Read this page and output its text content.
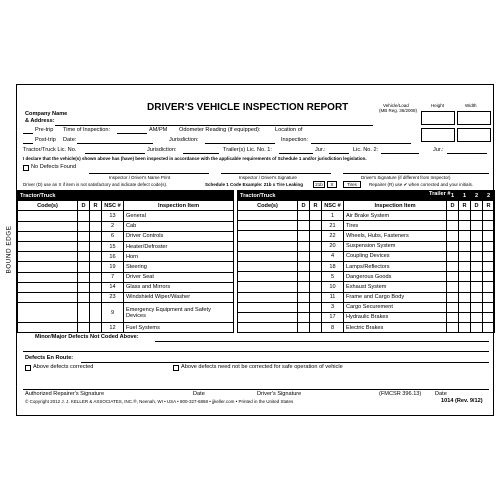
BOUND EDGE
DRIVER'S VEHICLE INSPECTION REPORT
Company Name
& Address:
Vehicle/Load
(MB Reg. 36/2008)
Height	Width
Pre-trip Time of Inspection:	AM/PM Odometer Reading (if equipped):	Location of
Post-trip Date:	Jurisdiction:	Inspection:
Tractor/Truck Lic. No.	Jurisdiction:	Trailer(s) Lic. No. 1:	Jur.:	Lic. No. 2:	Jur.:
I declare that the vehicle(s) shown above has (have) been inspected in accordance with the applicable requirements of Schedule 1 and/or jurisdiction legislation.
No Defects Found
Inspector / Driver's Name Print	Inspector / Driver's Signature	Driver's Signature (if different from Inspector)
Driver (D) use an X if item is not satisfactory and indicate defect code(s).	Schedule 1 Code Example: 21b x Tire Leaking	21b	X	Tires	Repairer (R) use ✔ when corrected and your initials.
Tractor/Truck				
Code(s)	D	R	NSC #	Inspection Item
			13	General
			2	Cab
			6	Driver Controls
			15	Heater/Defroster
			16	Horn
			19	Steering
			7	Driver Seat
			14	Glass and Mirrors
			23	Windshield Wiper/Washer
			9	Emergency Equipment and Safety Devices
			12	Fuel Systems
Tractor/Truck					1	1	2	2
Code(s)	D	R	NSC #	Inspection Item	D	R	D	R
Trailer #
			1	Air Brake System				
			21	Tires				
			22	Wheels, Hubs, Fasteners				
			20	Suspension System				
			4	Coupling Devices				
			18	Lamps/Reflectors				
			5	Dangerous Goods				
			10	Exhaust System				
			11	Frame and Cargo Body				
			3	Cargo Securement				
			17	Hydraulic Brakes				
			8	Electric Brakes				
Minor/Major Defects Not Coded Above:
Defects En Route:
Above defects corrected	Above defects need not be corrected for safe operation of vehicle
Authorized Repairer's Signature	Date	Driver's Signature	(FMCSR 396.13) Date
© Copyright 2012 J. J. KELLER & ASSOCIATES, INC.®, Neenah, WI • USA • 800-327-6868 • jjkeller.com • Printed in the United States	1014 (Rev. 9/12)
